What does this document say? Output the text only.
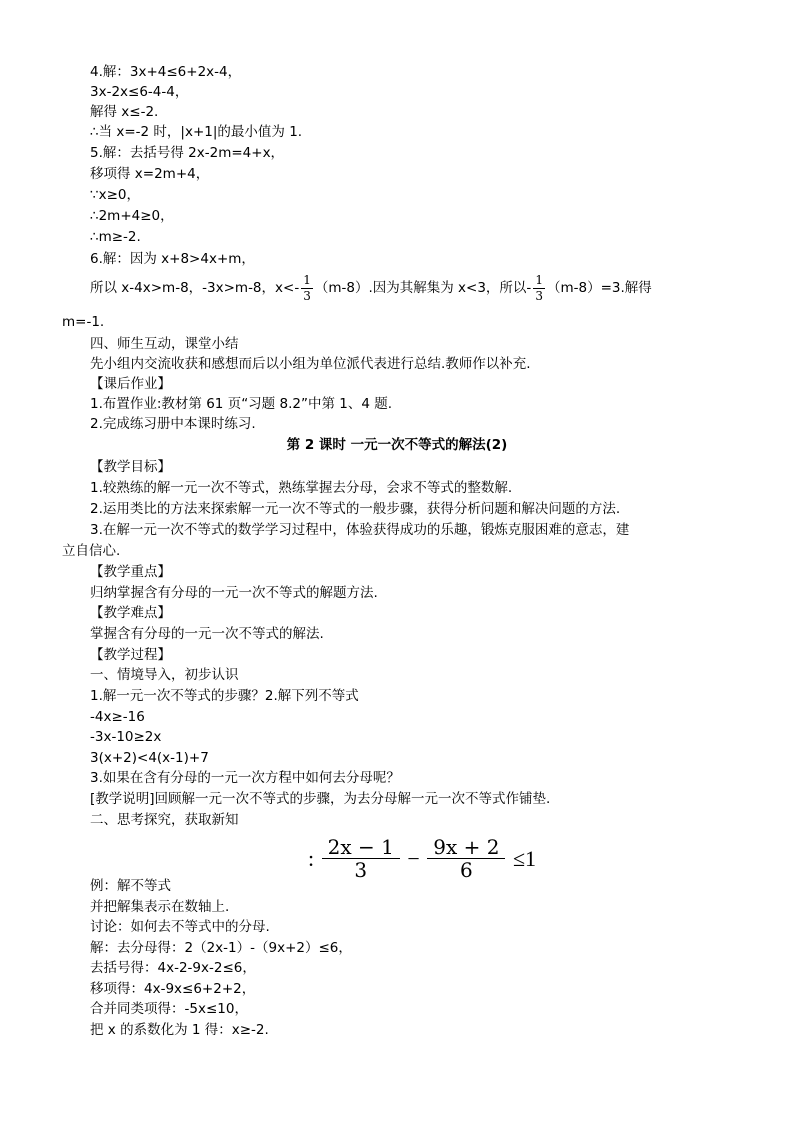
4.解：3x+4≤6+2x-4，
3x-2x≤6-4-4，
解得 x≤-2.
∴当 x=-2 时，|x+1|的最小值为 1.
5.解：去括号得 2x-2m=4+x，
移项得 x=2m+4，
∵x≥0，
∴2m+4≥0，
∴m≥-2.
6.解：因为 x+8>4x+m，
所以 x-4x>m-8，-3x>m-8，$x<- \frac{1}{3} (m-8)$.因为其解集为 x<3，所以- $\frac{1}{3} (m-8)=3$.解得
m=-1.
四、师生互动，课堂小结
先小组内交流收获和感想而后以小组为单位派代表进行总结.教师作以补充.
【课后作业】
1.布置作业:教材第 61 页“习题 8.2”中第 1、4 题.
2.完成练习册中本课时练习.
第 2 课时 一元一次不等式的解法(2)
【教学目标】
1.较熟练的解一元一次不等式，熟练掌握去分母，会求不等式的整数解.
2.运用类比的方法来探索解一元一次不等式的一般步骤，获得分析问题和解决问题的方法.
3.在解一元一次不等式的数学学习过程中，体验获得成功的乐趣，锻炼克服困难的意志，建
立自信心.
【教学重点】
归纳掌握含有分母的一元一次不等式的解题方法.
【教学难点】
掌握含有分母的一元一次不等式的解法.
【教学过程】
一、情境导入，初步认识
1.解一元一次不等式的步骤？2.解下列不等式
-4x≥-16
-3x-10≥2x
3(x+2)<4(x-1)+7
3.如果在含有分母的一元一次方程中如何去分母呢？
[教学说明]回顾解一元一次不等式的步骤，为去分母解一元一次不等式作铺垫.
二、思考探究，获取新知
: $\frac{2x - 1}{3} - \frac{9x + 2}{6} \le 1$
例：解不等式
并把解集表示在数轴上.
讨论：如何去不等式中的分母.
解：去分母得：2（2x-1）-（9x+2）≤6，
去括号得：4x-2-9x-2≤6，
移项得：4x-9x≤6+2+2，
合并同类项得：-5x≤10，
把 x 的系数化为 1 得：x≥-2.
